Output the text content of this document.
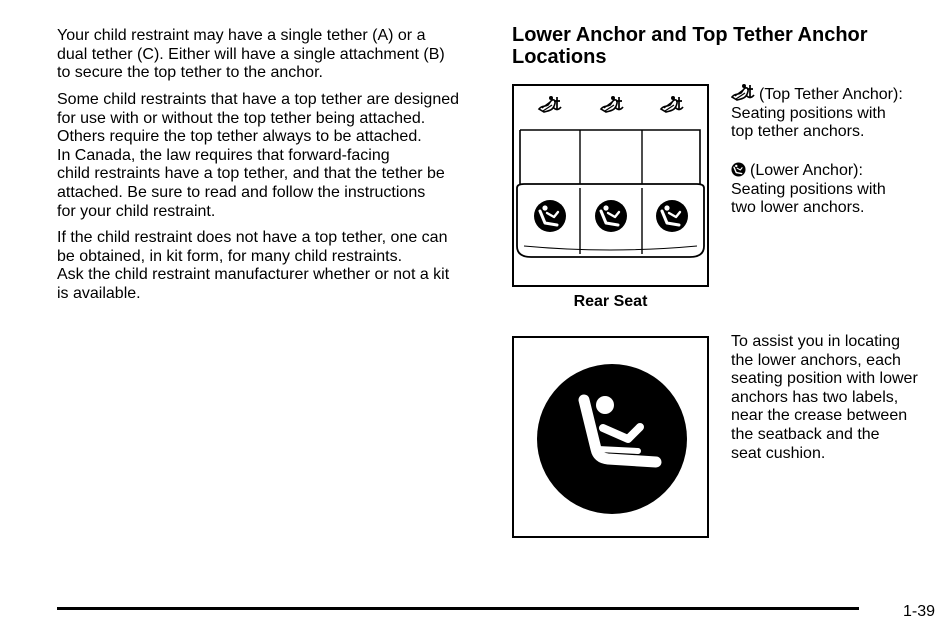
Your child restraint may have a single tether (A) or a
dual tether (C). Either will have a single attachment (B)
to secure the top tether to the anchor.
Some child restraints that have a top tether are designed
for use with or without the top tether being attached.
Others require the top tether always to be attached.
In Canada, the law requires that forward-facing
child restraints have a top tether, and that the tether be
attached. Be sure to read and follow the instructions
for your child restraint.
If the child restraint does not have a top tether, one can
be obtained, in kit form, for many child restraints.
Ask the child restraint manufacturer whether or not a kit
is available.
Lower Anchor and Top Tether Anchor
Locations
Rear Seat
(Top Tether Anchor):
Seating positions with
top tether anchors.
(Lower Anchor):
Seating positions with
two lower anchors.
To assist you in locating
the lower anchors, each
seating position with lower
anchors has two labels,
near the crease between
the seatback and the
seat cushion.
1-39
